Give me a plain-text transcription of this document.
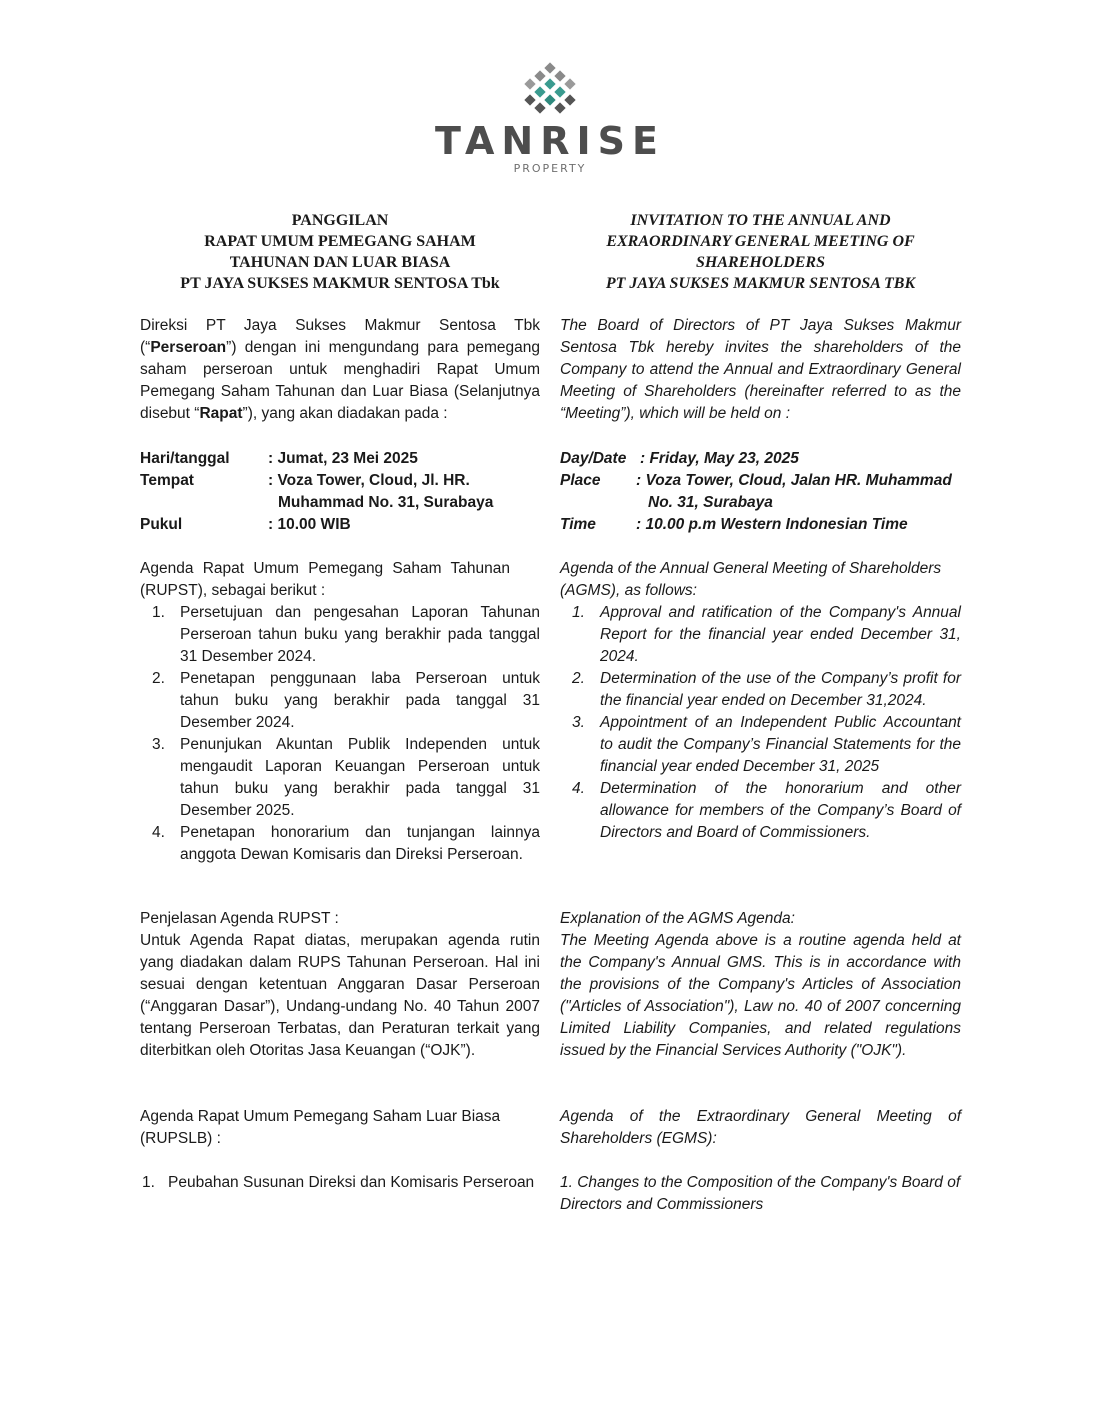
TANRISE
PROPERTY
PANGGILAN
RAPAT UMUM PEMEGANG SAHAM
TAHUNAN DAN LUAR BIASA
PT JAYA SUKSES MAKMUR SENTOSA Tbk

Direksi PT Jaya Sukses Makmur Sentosa Tbk (“Perseroan”) dengan ini mengundang para pemegang saham perseroan untuk menghadiri Rapat Umum Pemegang Saham Tahunan dan Luar Biasa (Selanjutnya disebut “Rapat”), yang akan diadakan pada :

Hari/tanggal : Jumat, 23 Mei 2025
Tempat	: Voza Tower, Cloud, Jl. HR.
Muhammad No. 31, Surabaya
Pukul	: 10.00 WIB

Agenda Rapat Umum Pemegang Saham Tahunan (RUPST), sebagai berikut :

1. Persetujuan dan pengesahan Laporan Tahunan Perseroan tahun buku yang berakhir pada tanggal 31 Desember 2024.
2. Penetapan penggunaan laba Perseroan untuk tahun buku yang berakhir pada tanggal 31 Desember 2024.
3. Penunjukan Akuntan Publik Independen untuk mengaudit Laporan Keuangan Perseroan untuk tahun buku yang berakhir pada tanggal 31 Desember 2025.
4. Penetapan honorarium dan tunjangan lainnya anggota Dewan Komisaris dan Direksi Perseroan.

Penjelasan Agenda RUPST :

Untuk Agenda Rapat diatas, merupakan agenda rutin yang diadakan dalam RUPS Tahunan Perseroan. Hal ini sesuai dengan ketentuan Anggaran Dasar Perseroan (“Anggaran Dasar”), Undang-undang No. 40 Tahun 2007 tentang Perseroan Terbatas, dan Peraturan terkait yang diterbitkan oleh Otoritas Jasa Keuangan (“OJK”).

Agenda Rapat Umum Pemegang Saham Luar Biasa (RUPSLB) :

1. Peubahan Susunan Direksi dan Komisaris Perseroan
INVITATION TO THE ANNUAL AND
EXRAORDINARY GENERAL MEETING OF
SHAREHOLDERS
PT JAYA SUKSES MAKMUR SENTOSA TBK

The Board of Directors of PT Jaya Sukses Makmur Sentosa Tbk hereby invites the shareholders of the Company to attend the Annual and Extraordinary General Meeting of Shareholders (hereinafter referred to as the “Meeting”), which will be held on :

Day/Date : Friday, May 23, 2025
Place : Voza Tower, Cloud, Jalan HR. Muhammad
No. 31, Surabaya
Time	: 10.00 p.m Western Indonesian Time

Agenda of the Annual General Meeting of Shareholders (AGMS), as follows:

1. Approval and ratification of the Company's Annual Report for the financial year ended December 31, 2024.
2. Determination of the use of the Company’s profit for the financial year ended on December 31,2024.
3. Appointment of an Independent Public Accountant to audit the Company’s Financial Statements for the financial year ended December 31, 2025
4. Determination of the honorarium and other allowance for members of the Company’s Board of Directors and Board of Commissioners.

Explanation of the AGMS Agenda:

The Meeting Agenda above is a routine agenda held at the Company's Annual GMS. This is in accordance with the provisions of the Company's Articles of Association ("Articles of Association"), Law no. 40 of 2007 concerning Limited Liability Companies, and related regulations issued by the Financial Services Authority ("OJK").

Agenda of the Extraordinary General Meeting of Shareholders (EGMS):

1. Changes to the Composition of the Company's Board of Directors and Commissioners
